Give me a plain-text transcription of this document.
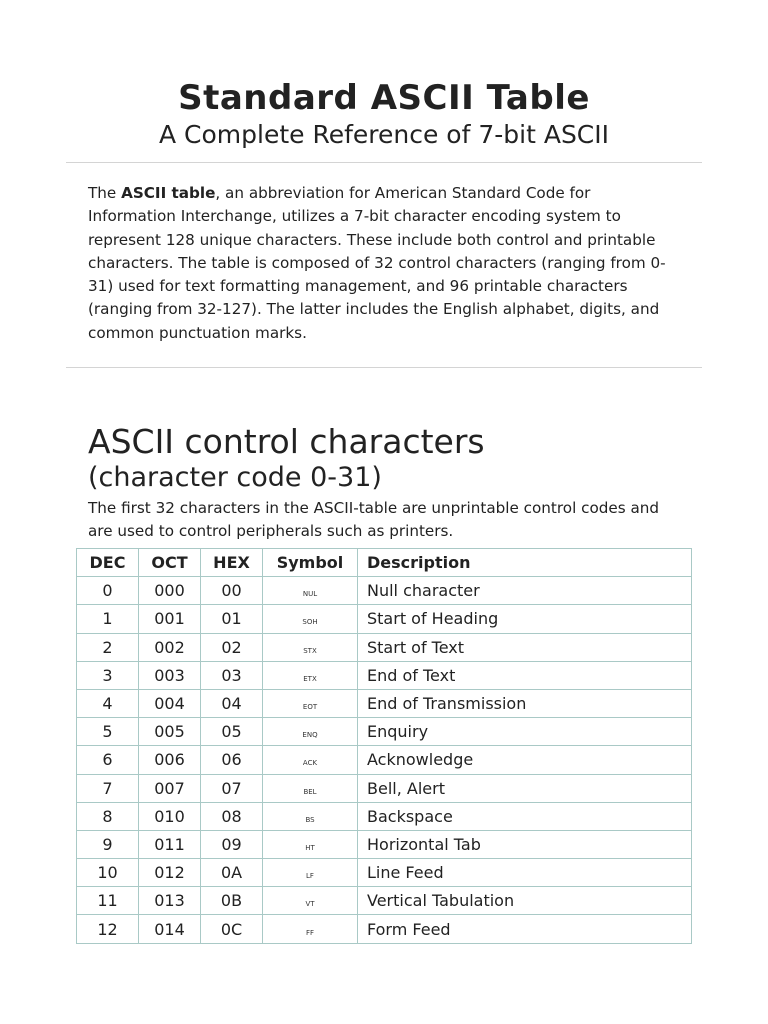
Standard ASCII Table
A Complete Reference of 7-bit ASCII
The ASCII table, an abbreviation for American Standard Code for Information Interchange, utilizes a 7-bit character encoding system to represent 128 unique characters. These include both control and printable characters. The table is composed of 32 control characters (ranging from 0-31) used for text formatting management, and 96 printable characters (ranging from 32-127). The latter includes the English alphabet, digits, and common punctuation marks.
ASCII control characters
(character code 0-31)
The first 32 characters in the ASCII-table are unprintable control codes and are used to control peripherals such as printers.
DEC	OCT	HEX	Symbol	Description
0	000	00	NUL	Null character
1	001	01	SOH	Start of Heading
2	002	02	STX	Start of Text
3	003	03	ETX	End of Text
4	004	04	EOT	End of Transmission
5	005	05	ENQ	Enquiry
6	006	06	ACK	Acknowledge
7	007	07	BEL	Bell, Alert
8	010	08	BS	Backspace
9	011	09	HT	Horizontal Tab
10	012	0A	LF	Line Feed
11	013	0B	VT	Vertical Tabulation
12	014	0C	FF	Form Feed
